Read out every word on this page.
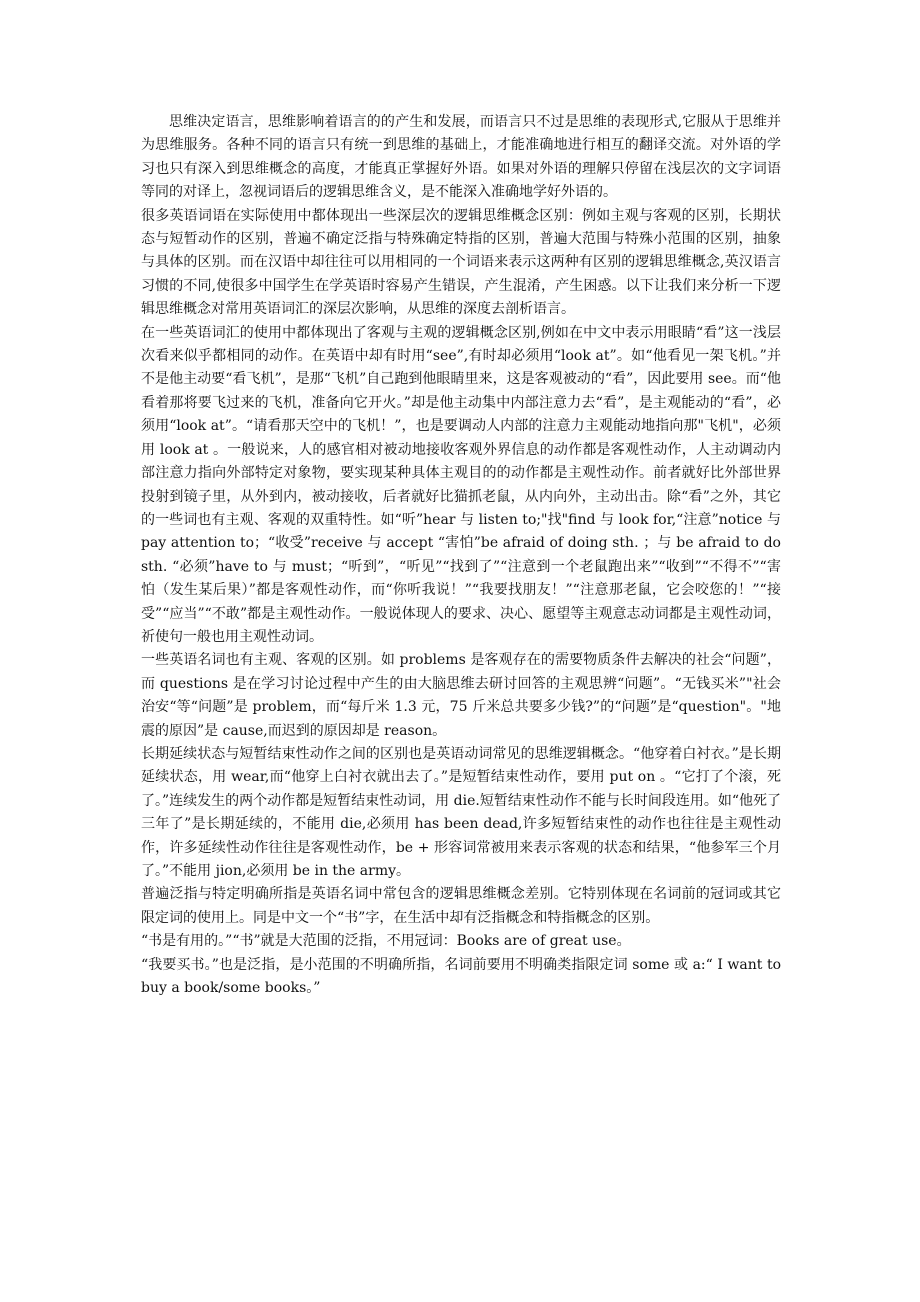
思维决定语言，思维影响着语言的的产生和发展，而语言只不过是思维的表现形式,它服从于思维并为思维服务。各种不同的语言只有统一到思维的基础上，才能准确地进行相互的翻译交流。对外语的学习也只有深入到思维概念的高度，才能真正掌握好外语。如果对外语的理解只停留在浅层次的文字词语等同的对译上，忽视词语后的逻辑思维含义，是不能深入准确地学好外语的。

很多英语词语在实际使用中都体现出一些深层次的逻辑思维概念区别：例如主观与客观的区别，长期状态与短暂动作的区别，普遍不确定泛指与特殊确定特指的区别，普遍大范围与特殊小范围的区别，抽象与具体的区别。而在汉语中却往往可以用相同的一个词语来表示这两种有区别的逻辑思维概念,英汉语言习惯的不同,使很多中国学生在学英语时容易产生错误，产生混淆，产生困惑。以下让我们来分析一下逻辑思维概念对常用英语词汇的深层次影响，从思维的深度去剖析语言。

在一些英语词汇的使用中都体现出了客观与主观的逻辑概念区别,例如在中文中表示用眼睛“看”这一浅层次看来似乎都相同的动作。在英语中却有时用“see”,有时却必须用“look at”。如“他看见一架飞机。”并不是他主动要“看飞机”，是那“飞机”自己跑到他眼睛里来，这是客观被动的“看”，因此要用 see。而“他看着那将要飞过来的飞机，准备向它开火。”却是他主动集中内部注意力去“看”，是主观能动的“看”，必须用“look at”。“请看那天空中的飞机！”，也是要调动人内部的注意力主观能动地指向那"飞机"，必须用 look at 。一般说来，人的感官相对被动地接收客观外界信息的动作都是客观性动作，人主动调动内部注意力指向外部特定对象物，要实现某种具体主观目的的动作都是主观性动作。前者就好比外部世界投射到镜子里，从外到内，被动接收，后者就好比猫抓老鼠，从内向外，主动出击。除“看”之外，其它的一些词也有主观、客观的双重特性。如“听”hear 与 listen to;"找"find 与 look for,“注意”notice 与 pay attention to；“收受”receive 与 accept “害怕”be afraid of doing sth. ；与 be afraid to do sth. “必须”have to 与 must；“听到”，“听见”“找到了”“注意到一个老鼠跑出来”“收到”“不得不”“害怕（发生某后果）”都是客观性动作，而“你听我说！”“我要找朋友！”“注意那老鼠，它会咬您的！”“接受”“应当”“不敢”都是主观性动作。一般说体现人的要求、决心、愿望等主观意志动词都是主观性动词，祈使句一般也用主观性动词。

一些英语名词也有主观、客观的区别。如 problems 是客观存在的需要物质条件去解决的社会“问题”，而 questions 是在学习讨论过程中产生的由大脑思维去研讨回答的主观思辨“问题”。“无钱买米”"社会治安“等“问题”是 problem，而“每斤米 1.3 元，75 斤米总共要多少钱?”的“问题”是“question"。"地震的原因”是 cause,而迟到的原因却是 reason。

长期延续状态与短暂结束性动作之间的区别也是英语动词常见的思维逻辑概念。“他穿着白衬衣。”是长期延续状态，用 wear,而“他穿上白衬衣就出去了。”是短暂结束性动作，要用 put on 。“它打了个滚，死了。”连续发生的两个动作都是短暂结束性动词，用 die.短暂结束性动作不能与长时间段连用。如“他死了三年了”是长期延续的，不能用 die,必须用 has been dead,许多短暂结束性的动作也往往是主观性动作，许多延续性动作往往是客观性动作，be + 形容词常被用来表示客观的状态和结果，“他参军三个月了。”不能用 jion,必须用 be in the army。

普遍泛指与特定明确所指是英语名词中常包含的逻辑思维概念差别。它特别体现在名词前的冠词或其它限定词的使用上。同是中文一个“书”字，在生活中却有泛指概念和特指概念的区别。

“书是有用的。”“书”就是大范围的泛指，不用冠词：Books are of great use。

“我要买书。”也是泛指，是小范围的不明确所指，名词前要用不明确类指限定词 some 或 a:“ I want to buy a book/some books。”
